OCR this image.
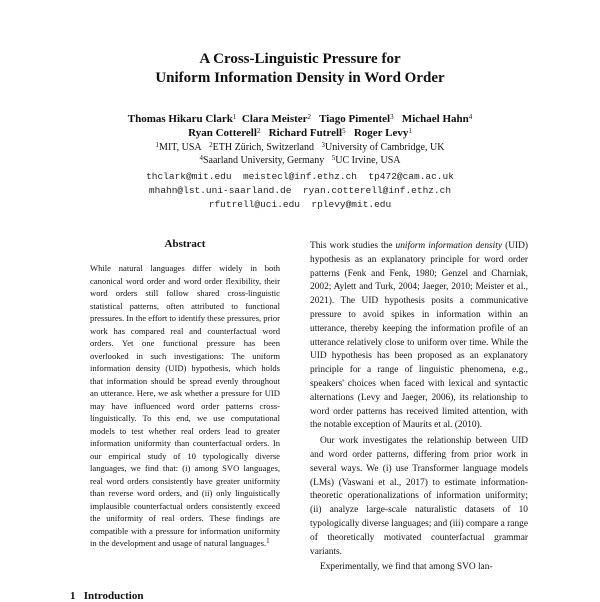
A Cross-Linguistic Pressure for
Uniform Information Density in Word Order
Thomas Hikaru Clark$^1$ Clara Meister$^2$ Tiago Pimentel$^3$ Michael Hahn$^4$
Ryan Cotterell$^2$ Richard Futrell$^5$ Roger Levy$^1$
$^1$MIT, USA $^2$ETH Zürich, Switzerland $^3$University of Cambridge, UK
$^4$Saarland University, Germany $^5$UC Irvine, USA
thclark@mit.edu  meistecl@inf.ethz.ch  tp472@cam.ac.uk
mhahn@lst.uni-saarland.de  ryan.cotterell@inf.ethz.ch
rfutrell@uci.edu  rplevy@mit.edu
Abstract
While natural languages differ widely in both canonical word order and word order flexibility, their word orders still follow shared cross-linguistic statistical patterns, often attributed to functional pressures. In the effort to identify these pressures, prior work has compared real and counterfactual word orders. Yet one functional pressure has been overlooked in such investigations: The uniform information density (UID) hypothesis, which holds that information should be spread evenly throughout an utterance. Here, we ask whether a pressure for UID may have influenced word order patterns cross-linguistically. To this end, we use computational models to test whether real orders lead to greater information uniformity than counterfactual orders. In our empirical study of 10 typologically diverse languages, we find that: (i) among SVO languages, real word orders consistently have greater uniformity than reverse word orders, and (ii) only linguistically implausible counterfactual orders consistently exceed the uniformity of real orders. These findings are compatible with a pressure for information uniformity in the development and usage of natural languages.$^1$

This work studies the uniform information density (UID) hypothesis as an explanatory principle for word order patterns (Fenk and Fenk, 1980; Genzel and Charniak, 2002; Aylett and Turk, 2004; Jaeger, 2010; Meister et al., 2021). The UID hypothesis posits a communicative pressure to avoid spikes in information within an utterance, thereby keeping the information profile of an utterance relatively close to uniform over time. While the UID hypothesis has been proposed as an explanatory principle for a range of linguistic phenomena, e.g., speakers' choices when faced with lexical and syntactic alternations (Levy and Jaeger, 2006), its relationship to word order patterns has received limited attention, with the notable exception of Maurits et al. (2010).

Our work investigates the relationship between UID and word order patterns, differing from prior work in several ways. We (i) use Transformer language models (LMs) (Vaswani et al., 2017) to estimate information-theoretic operationalizations of information uniformity; (ii) analyze large-scale naturalistic datasets of 10 typologically diverse languages; and (iii) compare a range of theoretically motivated counterfactual grammar variants.

Experimentally, we find that among SVO lan-

1 Introduction
